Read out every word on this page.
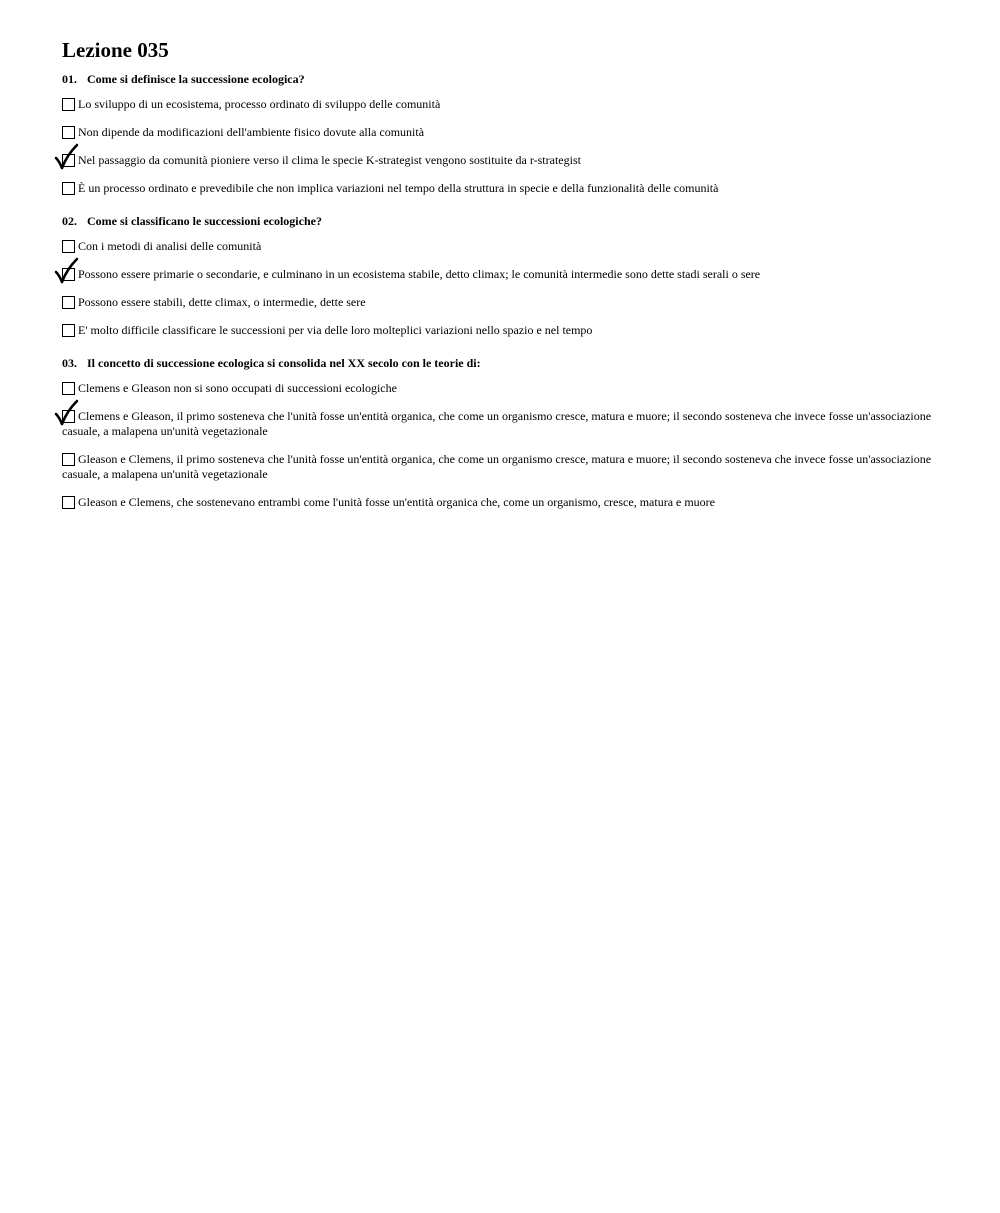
Lezione 035
01. Come si definisce la successione ecologica?
Lo sviluppo di un ecosistema, processo ordinato di sviluppo delle comunità
Non dipende da modificazioni dell'ambiente fisico dovute alla comunità
Nel passaggio da comunità pioniere verso il clima le specie K-strategist vengono sostituite da r-strategist
È un processo ordinato e prevedibile che non implica variazioni nel tempo della struttura in specie e della funzionalità delle comunità
02. Come si classificano le successioni ecologiche?
Con i metodi di analisi delle comunità
Possono essere primarie o secondarie, e culminano in un ecosistema stabile, detto climax; le comunità intermedie sono dette stadi serali o sere
Possono essere stabili, dette climax, o intermedie, dette sere
E' molto difficile classificare le successioni per via delle loro molteplici variazioni nello spazio e nel tempo
03. Il concetto di successione ecologica si consolida nel XX secolo con le teorie di:
Clemens e Gleason non si sono occupati di successioni ecologiche
Clemens e Gleason, il primo sosteneva che l'unità fosse un'entità organica, che come un organismo cresce, matura e muore; il secondo sosteneva che invece fosse un'associazione casuale, a malapena un'unità vegetazionale
Gleason e Clemens, il primo sosteneva che l'unità fosse un'entità organica, che come un organismo cresce, matura e muore; il secondo sosteneva che invece fosse un'associazione casuale, a malapena un'unità vegetazionale
Gleason e Clemens, che sostenevano entrambi come l'unità fosse un'entità organica che, come un organismo, cresce, matura e muore
